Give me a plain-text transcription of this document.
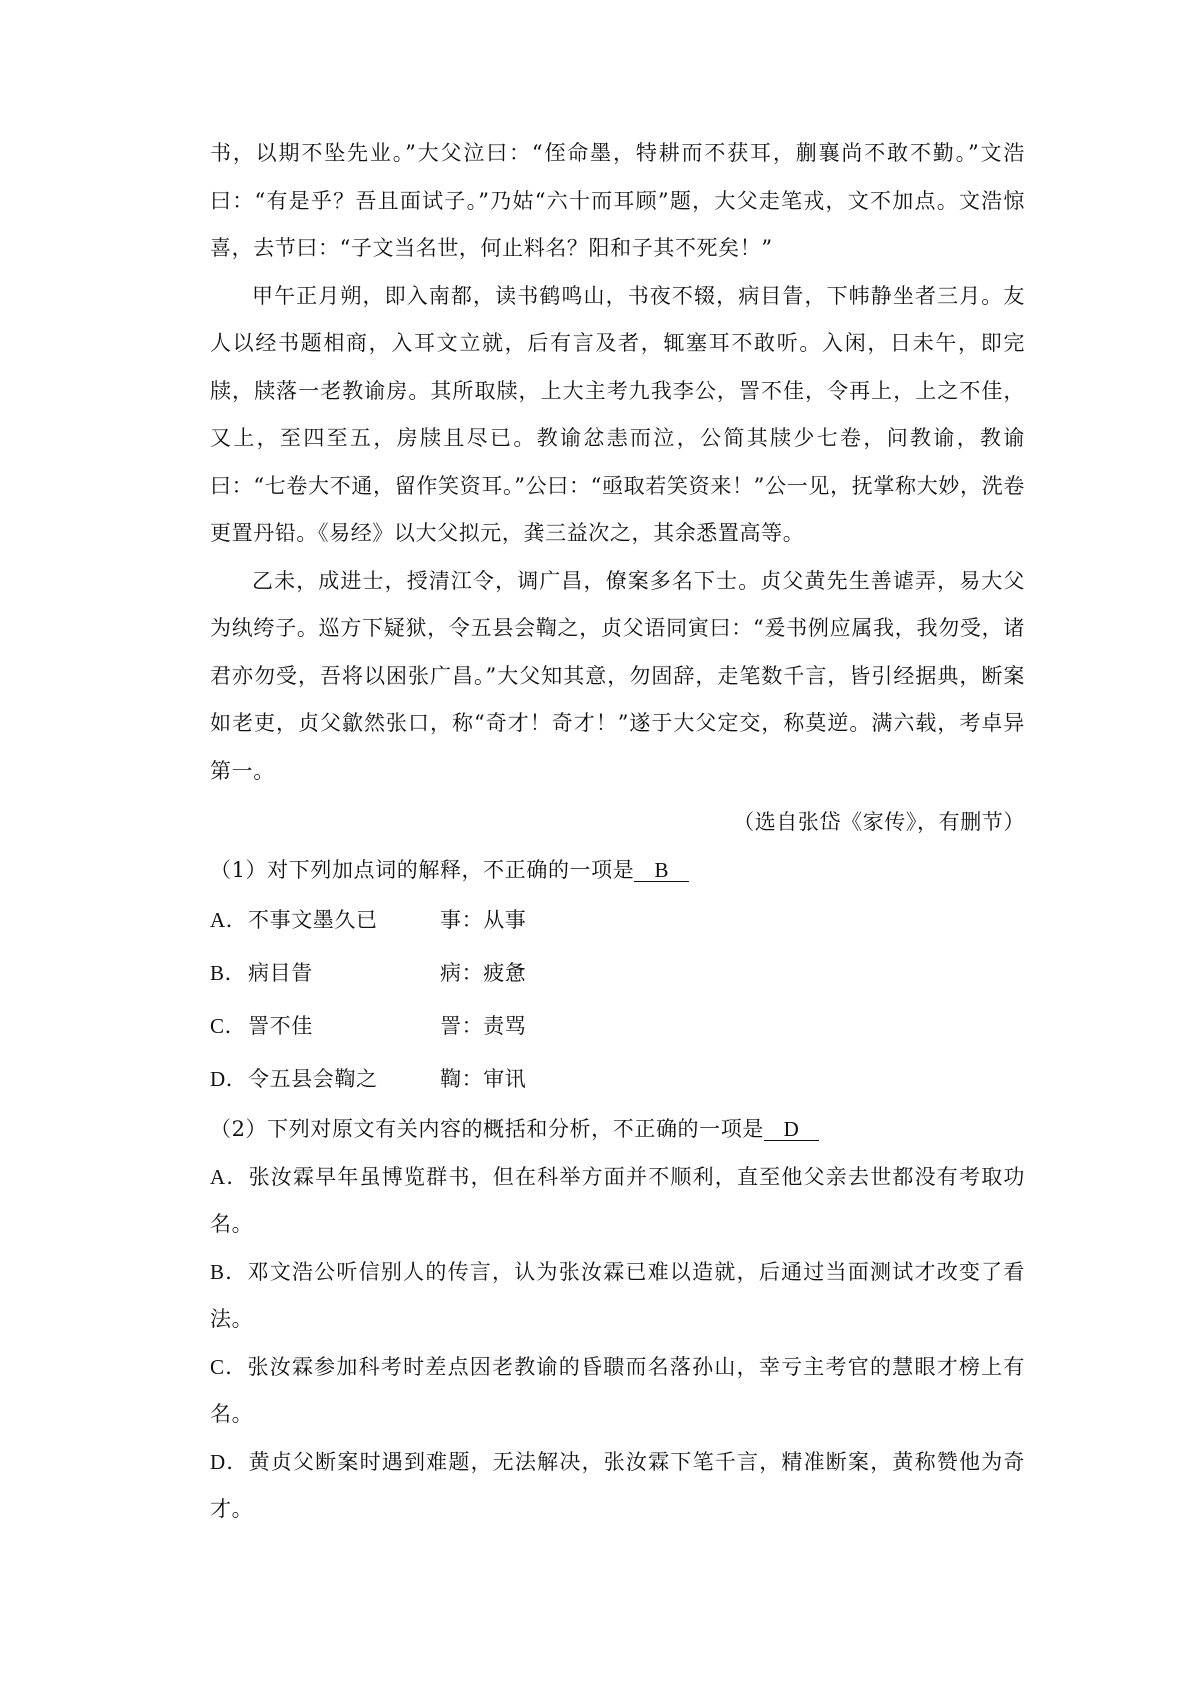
书，以期不坠先业。”大父泣曰：“侄命墨，特耕而不获耳，蒯襄尚不敢不勤。”文浩曰：“有是乎？吾且面试子。”乃姑“六十而耳顾”题，大父走笔戎，文不加点。文浩惊喜，去节曰：“子文当名世，何止料名？阳和子其不死矣！”

甲午正月朔，即入南都，读书鹤鸣山，书夜不辍，病目眚，下帏静坐者三月。友人以经书题相商，入耳文立就，后有言及者，辄塞耳不敢听。入闲，日未午，即完牍，牍落一老教谕房。其所取牍，上大主考九我李公，詈不佳，令再上，上之不佳，又上，至四至五，房牍且尽已。教谕忿恚而泣，公简其牍少七卷，问教谕，教谕曰：“七卷大不通，留作笑资耳。”公曰：“亟取若笑资来！”公一见，抚掌称大妙，洗卷更置丹铅。《易经》以大父拟元，龚三益次之，其余悉置高等。

乙未，成进士，授清江令，调广昌，僚案多名下士。贞父黄先生善谑弄，易大父为纨绔子。巡方下疑狱，令五县会鞫之，贞父语同寅曰：“爰书例应属我，我勿受，诸君亦勿受，吾将以困张广昌。”大父知其意，勿固辞，走笔数千言，皆引经据典，断案如老吏，贞父歙然张口，称“奇才！奇才！”遂于大父定交，称莫逆。满六载，考卓异第一。

（选自张岱《家传》，有删节）

（1）对下列加点词的解释，不正确的一项是 B

A． 不事文墨久已	事：从事
B． 病目眚	病：疲惫
C． 詈不佳	詈：责骂
D． 令五县会鞫之	鞫：审讯

（2）下列对原文有关内容的概括和分析，不正确的一项是 D

A．张汝霖早年虽博览群书，但在科举方面并不顺利，直至他父亲去世都没有考取功名。

B．邓文浩公听信别人的传言，认为张汝霖已难以造就，后通过当面测试才改变了看法。

C．张汝霖参加科考时差点因老教谕的昏聩而名落孙山，幸亏主考官的慧眼才榜上有名。

D．黄贞父断案时遇到难题，无法解决，张汝霖下笔千言，精准断案，黄称赞他为奇才。
